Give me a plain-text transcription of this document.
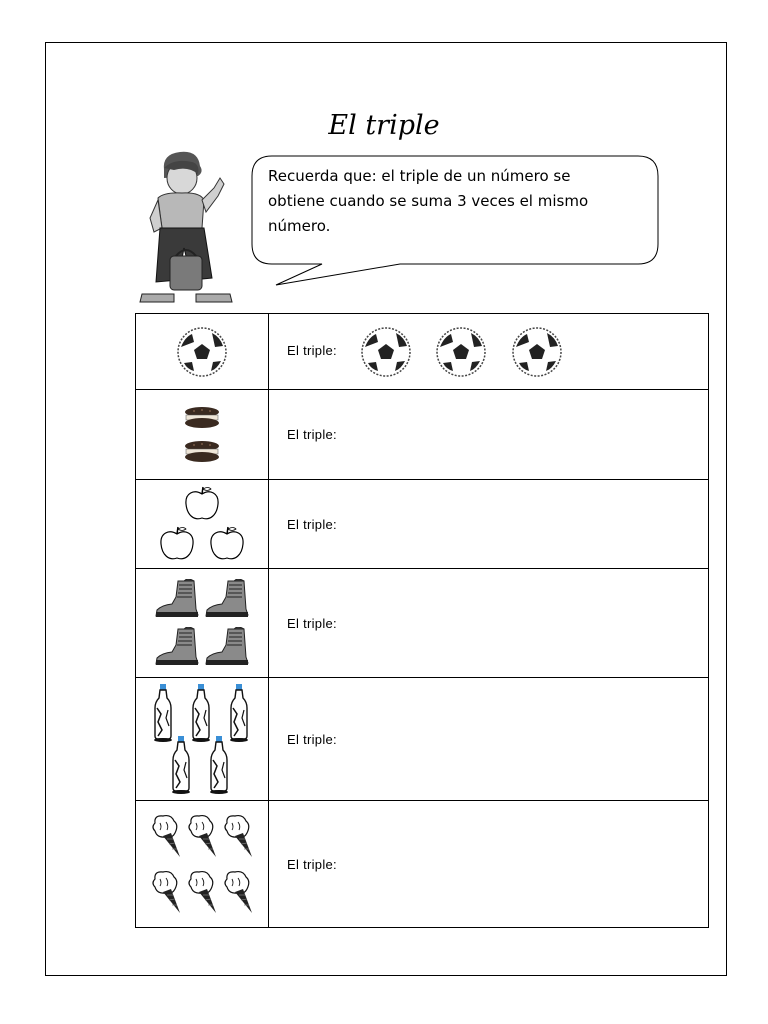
El triple
Recuerda que: el triple de un número se
obtiene cuando se suma 3 veces el mismo
número.
	El triple:

	El triple:

	El triple:

	El triple:

	El triple:

	El triple:
